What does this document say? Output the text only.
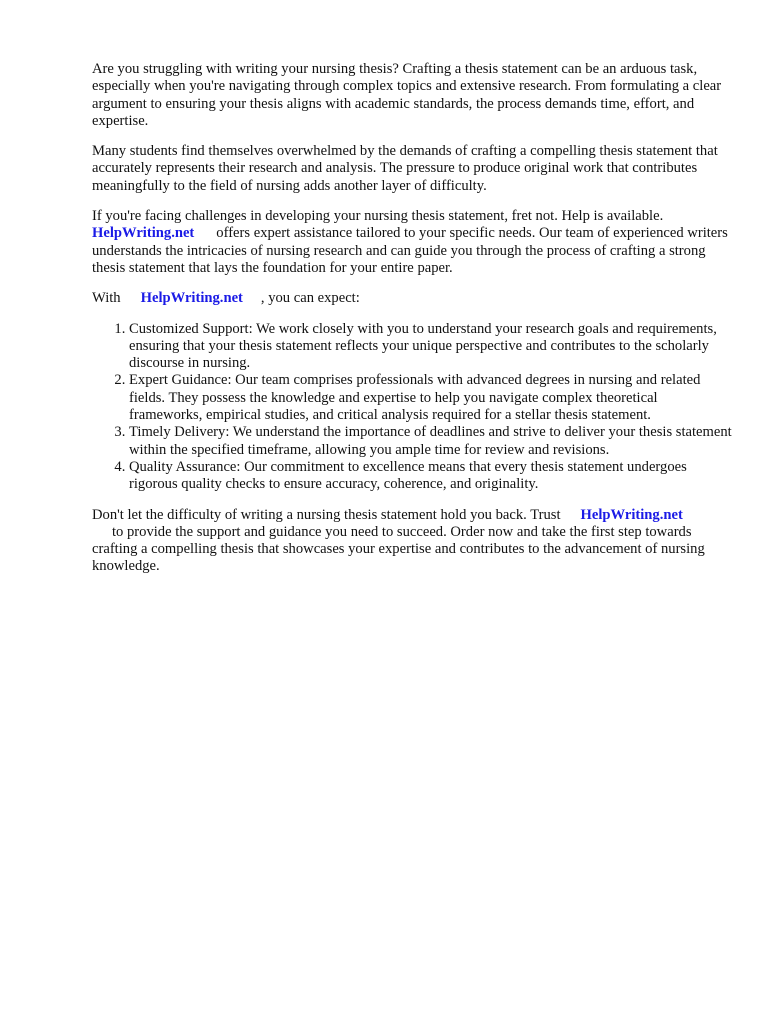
Are you struggling with writing your nursing thesis? Crafting a thesis statement can be an arduous task, especially when you're navigating through complex topics and extensive research. From formulating a clear argument to ensuring your thesis aligns with academic standards, the process demands time, effort, and expertise.

Many students find themselves overwhelmed by the demands of crafting a compelling thesis statement that accurately represents their research and analysis. The pressure to produce original work that contributes meaningfully to the field of nursing adds another layer of difficulty.

If you're facing challenges in developing your nursing thesis statement, fret not. Help is available.
HelpWriting.net offers expert assistance tailored to your specific needs. Our team of experienced writers understands the intricacies of nursing research and can guide you through the process of crafting a strong thesis statement that lays the foundation for your entire paper.

With HelpWriting.net , you can expect:

1. Customized Support: We work closely with you to understand your research goals and requirements, ensuring that your thesis statement reflects your unique perspective and contributes to the scholarly discourse in nursing.
2. Expert Guidance: Our team comprises professionals with advanced degrees in nursing and related fields. They possess the knowledge and expertise to help you navigate complex theoretical frameworks, empirical studies, and critical analysis required for a stellar thesis statement.
3. Timely Delivery: We understand the importance of deadlines and strive to deliver your thesis statement within the specified timeframe, allowing you ample time for review and revisions.
4. Quality Assurance: Our commitment to excellence means that every thesis statement undergoes rigorous quality checks to ensure accuracy, coherence, and originality.

Don't let the difficulty of writing a nursing thesis statement hold you back. Trust HelpWriting.net
to provide the support and guidance you need to succeed. Order now and take the first step towards crafting a compelling thesis that showcases your expertise and contributes to the advancement of nursing knowledge.
